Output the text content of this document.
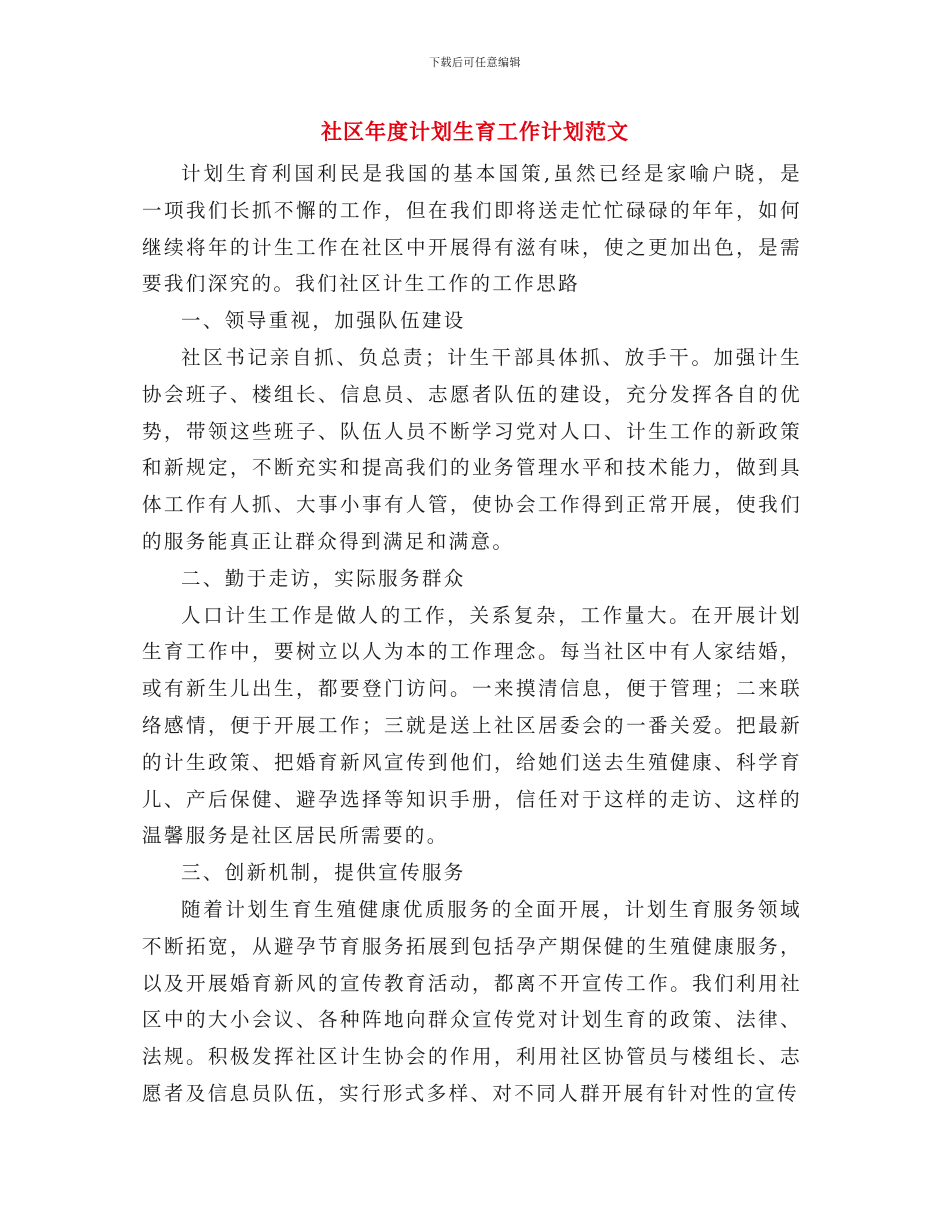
下载后可任意编辑
社区年度计划生育工作计划范文

计划生育利国利民是我国的基本国策,虽然已经是家喻户晓，是一项我们长抓不懈的工作，但在我们即将送走忙忙碌碌的年年，如何继续将年的计生工作在社区中开展得有滋有味，使之更加出色，是需要我们深究的。我们社区计生工作的工作思路

一、领导重视，加强队伍建设

社区书记亲自抓、负总责；计生干部具体抓、放手干。加强计生协会班子、楼组长、信息员、志愿者队伍的建设，充分发挥各自的优势，带领这些班子、队伍人员不断学习党对人口、计生工作的新政策和新规定，不断充实和提高我们的业务管理水平和技术能力，做到具体工作有人抓、大事小事有人管，使协会工作得到正常开展，使我们的服务能真正让群众得到满足和满意。

二、勤于走访，实际服务群众

人口计生工作是做人的工作，关系复杂，工作量大。在开展计划生育工作中，要树立以人为本的工作理念。每当社区中有人家结婚，或有新生儿出生，都要登门访问。一来摸清信息，便于管理；二来联络感情，便于开展工作；三就是送上社区居委会的一番关爱。把最新的计生政策、把婚育新风宣传到他们，给她们送去生殖健康、科学育儿、产后保健、避孕选择等知识手册，信任对于这样的走访、这样的温馨服务是社区居民所需要的。

三、创新机制，提供宣传服务

随着计划生育生殖健康优质服务的全面开展，计划生育服务领域不断拓宽，从避孕节育服务拓展到包括孕产期保健的生殖健康服务，以及开展婚育新风的宣传教育活动，都离不开宣传工作。我们利用社区中的大小会议、各种阵地向群众宣传党对计划生育的政策、法律、法规。积极发挥社区计生协会的作用，利用社区协管员与楼组长、志愿者及信息员队伍，实行形式多样、对不同人群开展有针对性的宣传
